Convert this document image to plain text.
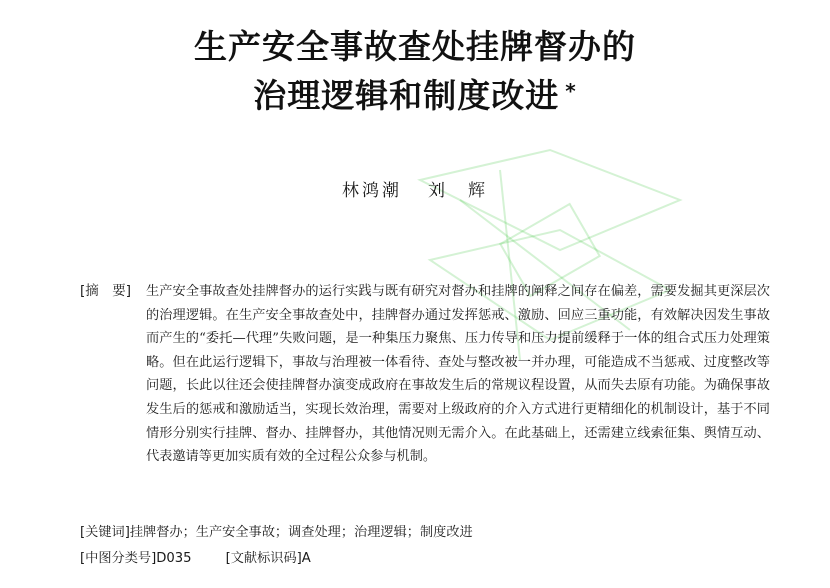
生产安全事故查处挂牌督办的
治理逻辑和制度改进 *
林鸿潮 刘　辉
[摘　要]	生产安全事故查处挂牌督办的运行实践与既有研究对督办和挂牌的阐释之间存在偏差，需要发掘其更深层次的治理逻辑。在生产安全事故查处中，挂牌督办通过发挥惩戒、激励、回应三重功能，有效解决因发生事故而产生的“委托—代理”失败问题，是一种集压力聚焦、压力传导和压力提前缓释于一体的组合式压力处理策略。但在此运行逻辑下，事故与治理被一体看待、查处与整改被一并办理，可能造成不当惩戒、过度整改等问题，长此以往还会使挂牌督办演变成政府在事故发生后的常规议程设置，从而失去原有功能。为确保事故发生后的惩戒和激励适当，实现长效治理，需要对上级政府的介入方式进行更精细化的机制设计，基于不同情形分别实行挂牌、督办、挂牌督办，其他情况则无需介入。在此基础上，还需建立线索征集、舆情互动、代表邀请等更加实质有效的全过程公众参与机制。
[关键词]挂牌督办；生产安全事故；调查处理；治理逻辑；制度改进
[中图分类号]D035	[文献标识码]A
